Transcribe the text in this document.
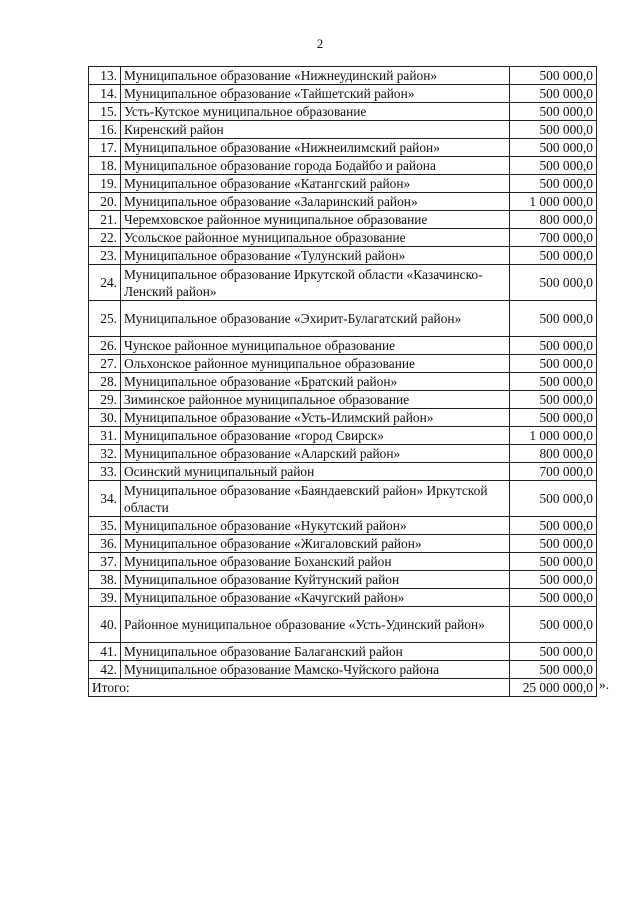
2
13.	Муниципальное образование «Нижнеудинский район»	500 000,0
14.	Муниципальное образование «Тайшетский район»	500 000,0
15.	Усть-Кутское муниципальное образование	500 000,0
16.	Киренский район	500 000,0
17.	Муниципальное образование «Нижнеилимский район»	500 000,0
18.	Муниципальное образование города Бодайбо и района	500 000,0
19.	Муниципальное образование «Катангский район»	500 000,0
20.	Муниципальное образование «Заларинский район»	1 000 000,0
21.	Черемховское районное муниципальное образование	800 000,0
22.	Усольское районное муниципальное образование	700 000,0
23.	Муниципальное образование «Тулунский район»	500 000,0
24.	Муниципальное образование Иркутской области «Казачинско-Ленский район»	500 000,0
25.	Муниципальное образование «Эхирит-Булагатский район»	500 000,0
26.	Чунское районное муниципальное образование	500 000,0
27.	Ольхонское районное муниципальное образование	500 000,0
28.	Муниципальное образование «Братский район»	500 000,0
29.	Зиминское районное муниципальное образование	500 000,0
30.	Муниципальное образование «Усть-Илимский район»	500 000,0
31.	Муниципальное образование «город Свирск»	1 000 000,0
32.	Муниципальное образование «Аларский район»	800 000,0
33.	Осинский муниципальный район	700 000,0
34.	Муниципальное образование «Баяндаевский район» Иркутской области	500 000,0
35.	Муниципальное образование «Нукутский район»	500 000,0
36.	Муниципальное образование «Жигаловский район»	500 000,0
37.	Муниципальное образование Боханский район	500 000,0
38.	Муниципальное образование Куйтунский район	500 000,0
39.	Муниципальное образование «Качугский район»	500 000,0
40.	Районное муниципальное образование «Усть-Удинский район»	500 000,0
41.	Муниципальное образование Балаганский район	500 000,0
42.	Муниципальное образование Мамско-Чуйского района	500 000,0
Итого:		25 000 000,0 ».
